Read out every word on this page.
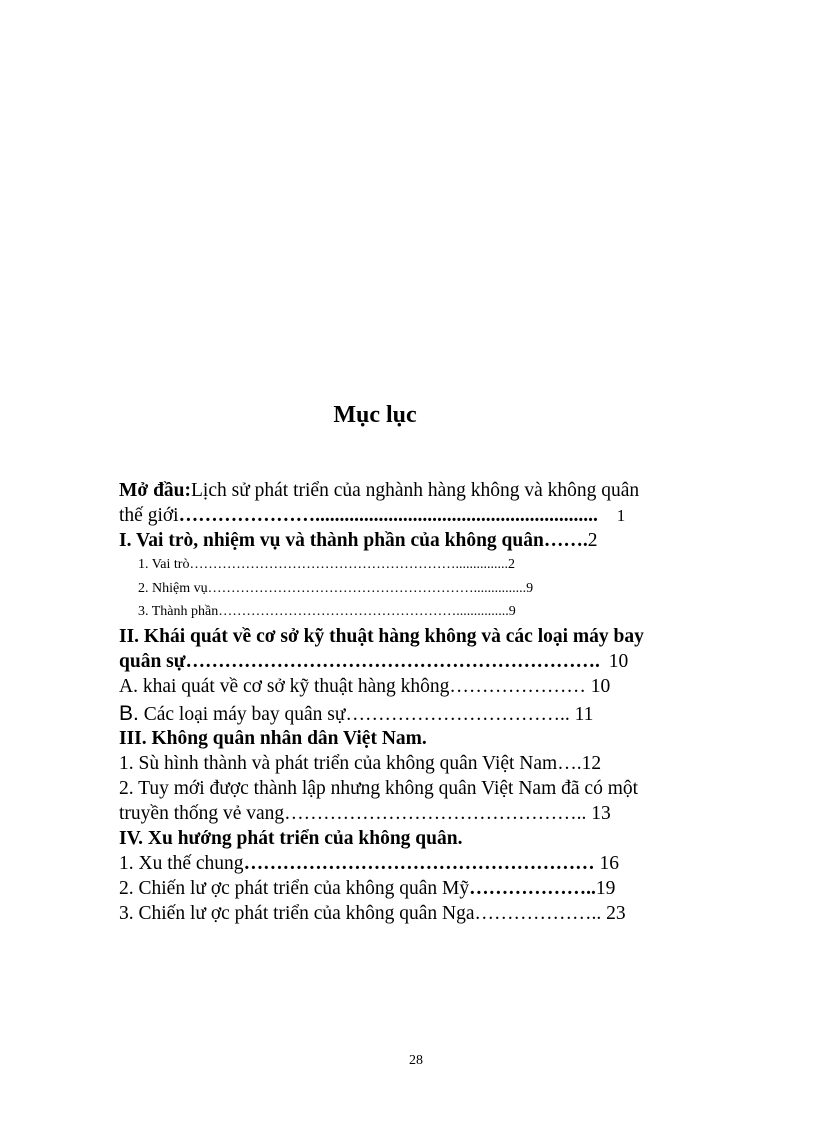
Mục lục
Mở đầu:Lịch sử phát triển của nghành hàng không và không quân
thế giới………………….......................................................... 1
I. Vai trò, nhiệm vụ và thành phần của không quân…….2
1. Vai trò…………………………………………………...............2
2. Nhiệm vụ…………………………………………………...............9
3. Thành phần……………………………………………...............9
II. Khái quát về cơ sở kỹ thuật hàng không và các loại máy bay
quân sự………………………………………………………. 10
A. khai quát về cơ sở kỹ thuật hàng không………………… 10
B. Các loại máy bay quân sự…………………………….. 11
III. Không quân nhân dân Việt Nam.
1. Sù hình thành và phát triển của không quân Việt Nam….12
2. Tuy mới được thành lập nhưng không quân Việt Nam đã có một
truyền thống vẻ vang……………………………………….. 13
IV. Xu hướng phát triển của không quân.
1. Xu thế chung……………………………………………… 16
2. Chiến lư ợc phát triển của không quân Mỹ………………..19
3. Chiến lư ợc phát triển của không quân Nga……………….. 23
28
